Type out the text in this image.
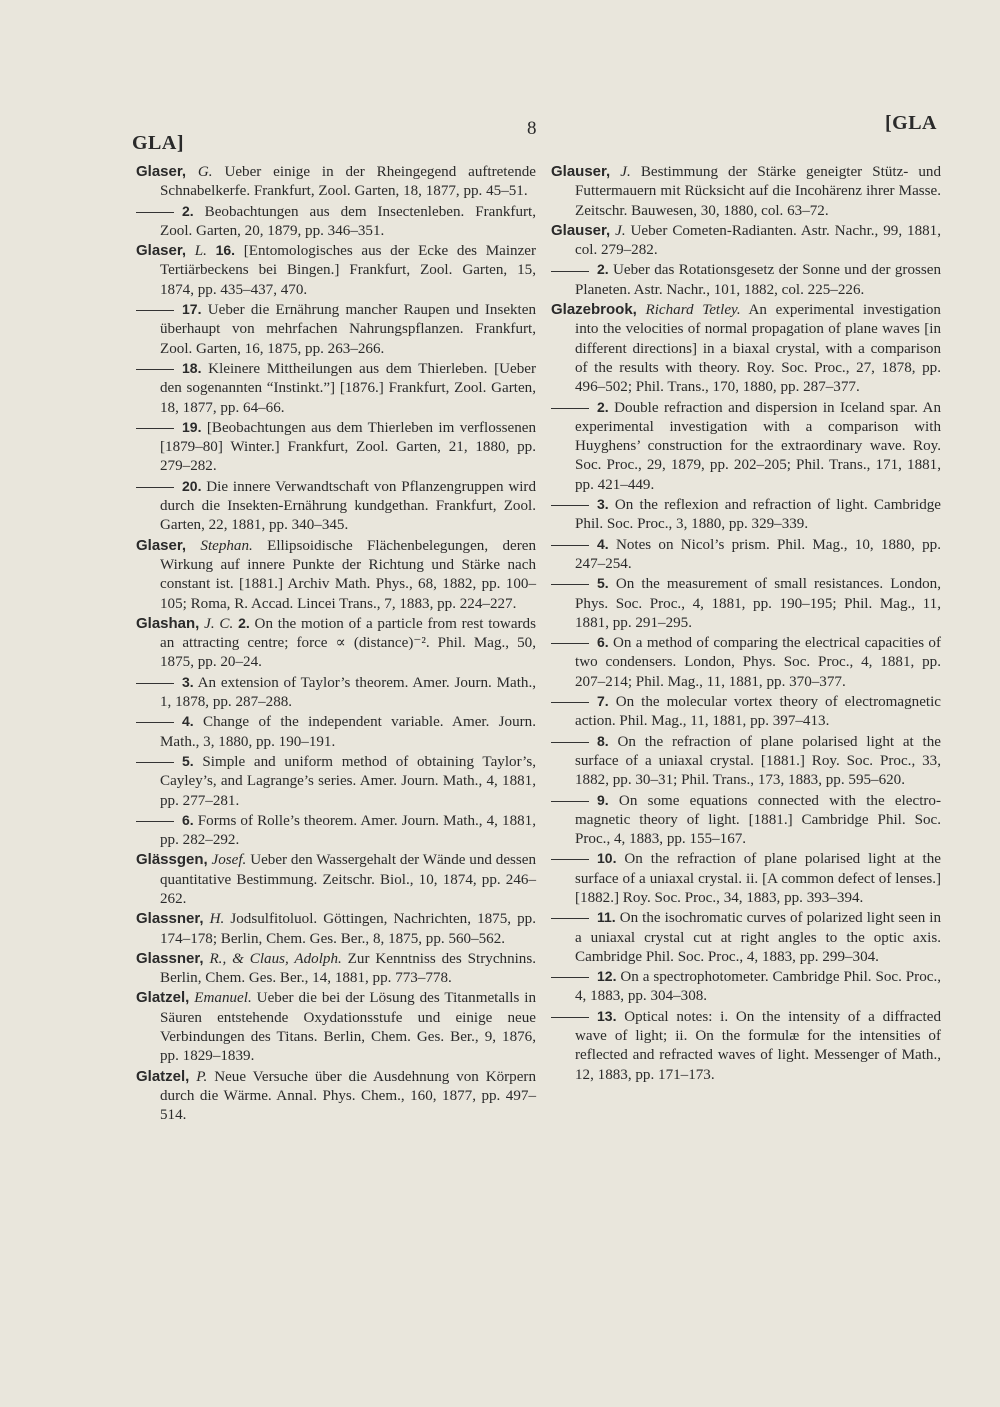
GLA]
8	[GLA
Glaser, G. Ueber einige in der Rheingegend auftretende Schnabelkerfe. Frankfurt, Zool. Garten, 18, 1877, pp. 45–51.
2. Beobachtungen aus dem Insectenleben. Frankfurt, Zool. Garten, 20, 1879, pp. 346–351.
Glaser, L. 16. [Entomologisches aus der Ecke des Mainzer Tertiärbeckens bei Bingen.] Frankfurt, Zool. Garten, 15, 1874, pp. 435–437, 470.
17. Ueber die Ernährung mancher Raupen und Insekten überhaupt von mehrfachen Nahrungspflanzen. Frankfurt, Zool. Garten, 16, 1875, pp. 263–266.
18. Kleinere Mittheilungen aus dem Thierleben. [Ueber den sogenannten “Instinkt.”] [1876.] Frankfurt, Zool. Garten, 18, 1877, pp. 64–66.
19. [Beobachtungen aus dem Thierleben im verflossenen [1879–80] Winter.] Frankfurt, Zool. Garten, 21, 1880, pp. 279–282.
20. Die innere Verwandtschaft von Pflanzengruppen wird durch die Insekten-Ernährung kundgethan. Frankfurt, Zool. Garten, 22, 1881, pp. 340–345.
Glaser, Stephan. Ellipsoidische Flächenbelegungen, deren Wirkung auf innere Punkte der Richtung und Stärke nach constant ist. [1881.] Archiv Math. Phys., 68, 1882, pp. 100–105; Roma, R. Accad. Lincei Trans., 7, 1883, pp. 224–227.
Glashan, J. C. 2. On the motion of a particle from rest towards an attracting centre; force ∝ (distance)⁻². Phil. Mag., 50, 1875, pp. 20–24.
3. An extension of Taylor’s theorem. Amer. Journ. Math., 1, 1878, pp. 287–288.
4. Change of the independent variable. Amer. Journ. Math., 3, 1880, pp. 190–191.
5. Simple and uniform method of obtaining Taylor’s, Cayley’s, and Lagrange’s series. Amer. Journ. Math., 4, 1881, pp. 277–281.
6. Forms of Rolle’s theorem. Amer. Journ. Math., 4, 1881, pp. 282–292.
Glässgen, Josef. Ueber den Wassergehalt der Wände und dessen quantitative Bestimmung. Zeitschr. Biol., 10, 1874, pp. 246–262.
Glassner, H. Jodsulfitoluol. Göttingen, Nachrichten, 1875, pp. 174–178; Berlin, Chem. Ges. Ber., 8, 1875, pp. 560–562.
Glassner, R., & Claus, Adolph. Zur Kenntniss des Strychnins. Berlin, Chem. Ges. Ber., 14, 1881, pp. 773–778.
Glatzel, Emanuel. Ueber die bei der Lösung des Titanmetalls in Säuren entstehende Oxydationsstufe und einige neue Verbindungen des Titans. Berlin, Chem. Ges. Ber., 9, 1876, pp. 1829–1839.
Glatzel, P. Neue Versuche über die Ausdehnung von Körpern durch die Wärme. Annal. Phys. Chem., 160, 1877, pp. 497–514.
Glauser, J. Bestimmung der Stärke geneigter Stütz- und Futtermauern mit Rücksicht auf die Incohärenz ihrer Masse. Zeitschr. Bauwesen, 30, 1880, col. 63–72.
Glauser, J. Ueber Cometen-Radianten. Astr. Nachr., 99, 1881, col. 279–282.
2. Ueber das Rotationsgesetz der Sonne und der grossen Planeten. Astr. Nachr., 101, 1882, col. 225–226.
Glazebrook, Richard Tetley. An experimental investigation into the velocities of normal propagation of plane waves [in different directions] in a biaxal crystal, with a comparison of the results with theory. Roy. Soc. Proc., 27, 1878, pp. 496–502; Phil. Trans., 170, 1880, pp. 287–377.
2. Double refraction and dispersion in Iceland spar. An experimental investigation with a comparison with Huyghens’ construction for the extraordinary wave. Roy. Soc. Proc., 29, 1879, pp. 202–205; Phil. Trans., 171, 1881, pp. 421–449.
3. On the reflexion and refraction of light. Cambridge Phil. Soc. Proc., 3, 1880, pp. 329–339.
4. Notes on Nicol’s prism. Phil. Mag., 10, 1880, pp. 247–254.
5. On the measurement of small resistances. London, Phys. Soc. Proc., 4, 1881, pp. 190–195; Phil. Mag., 11, 1881, pp. 291–295.
6. On a method of comparing the electrical capacities of two condensers. London, Phys. Soc. Proc., 4, 1881, pp. 207–214; Phil. Mag., 11, 1881, pp. 370–377.
7. On the molecular vortex theory of electromagnetic action. Phil. Mag., 11, 1881, pp. 397–413.
8. On the refraction of plane polarised light at the surface of a uniaxal crystal. [1881.] Roy. Soc. Proc., 33, 1882, pp. 30–31; Phil. Trans., 173, 1883, pp. 595–620.
9. On some equations connected with the electro-magnetic theory of light. [1881.] Cambridge Phil. Soc. Proc., 4, 1883, pp. 155–167.
10. On the refraction of plane polarised light at the surface of a uniaxal crystal. ii. [A common defect of lenses.] [1882.] Roy. Soc. Proc., 34, 1883, pp. 393–394.
11. On the isochromatic curves of polarized light seen in a uniaxal crystal cut at right angles to the optic axis. Cambridge Phil. Soc. Proc., 4, 1883, pp. 299–304.
12. On a spectrophotometer. Cambridge Phil. Soc. Proc., 4, 1883, pp. 304–308.
13. Optical notes: i. On the intensity of a diffracted wave of light; ii. On the formulæ for the intensities of reflected and refracted waves of light. Messenger of Math., 12, 1883, pp. 171–173.
